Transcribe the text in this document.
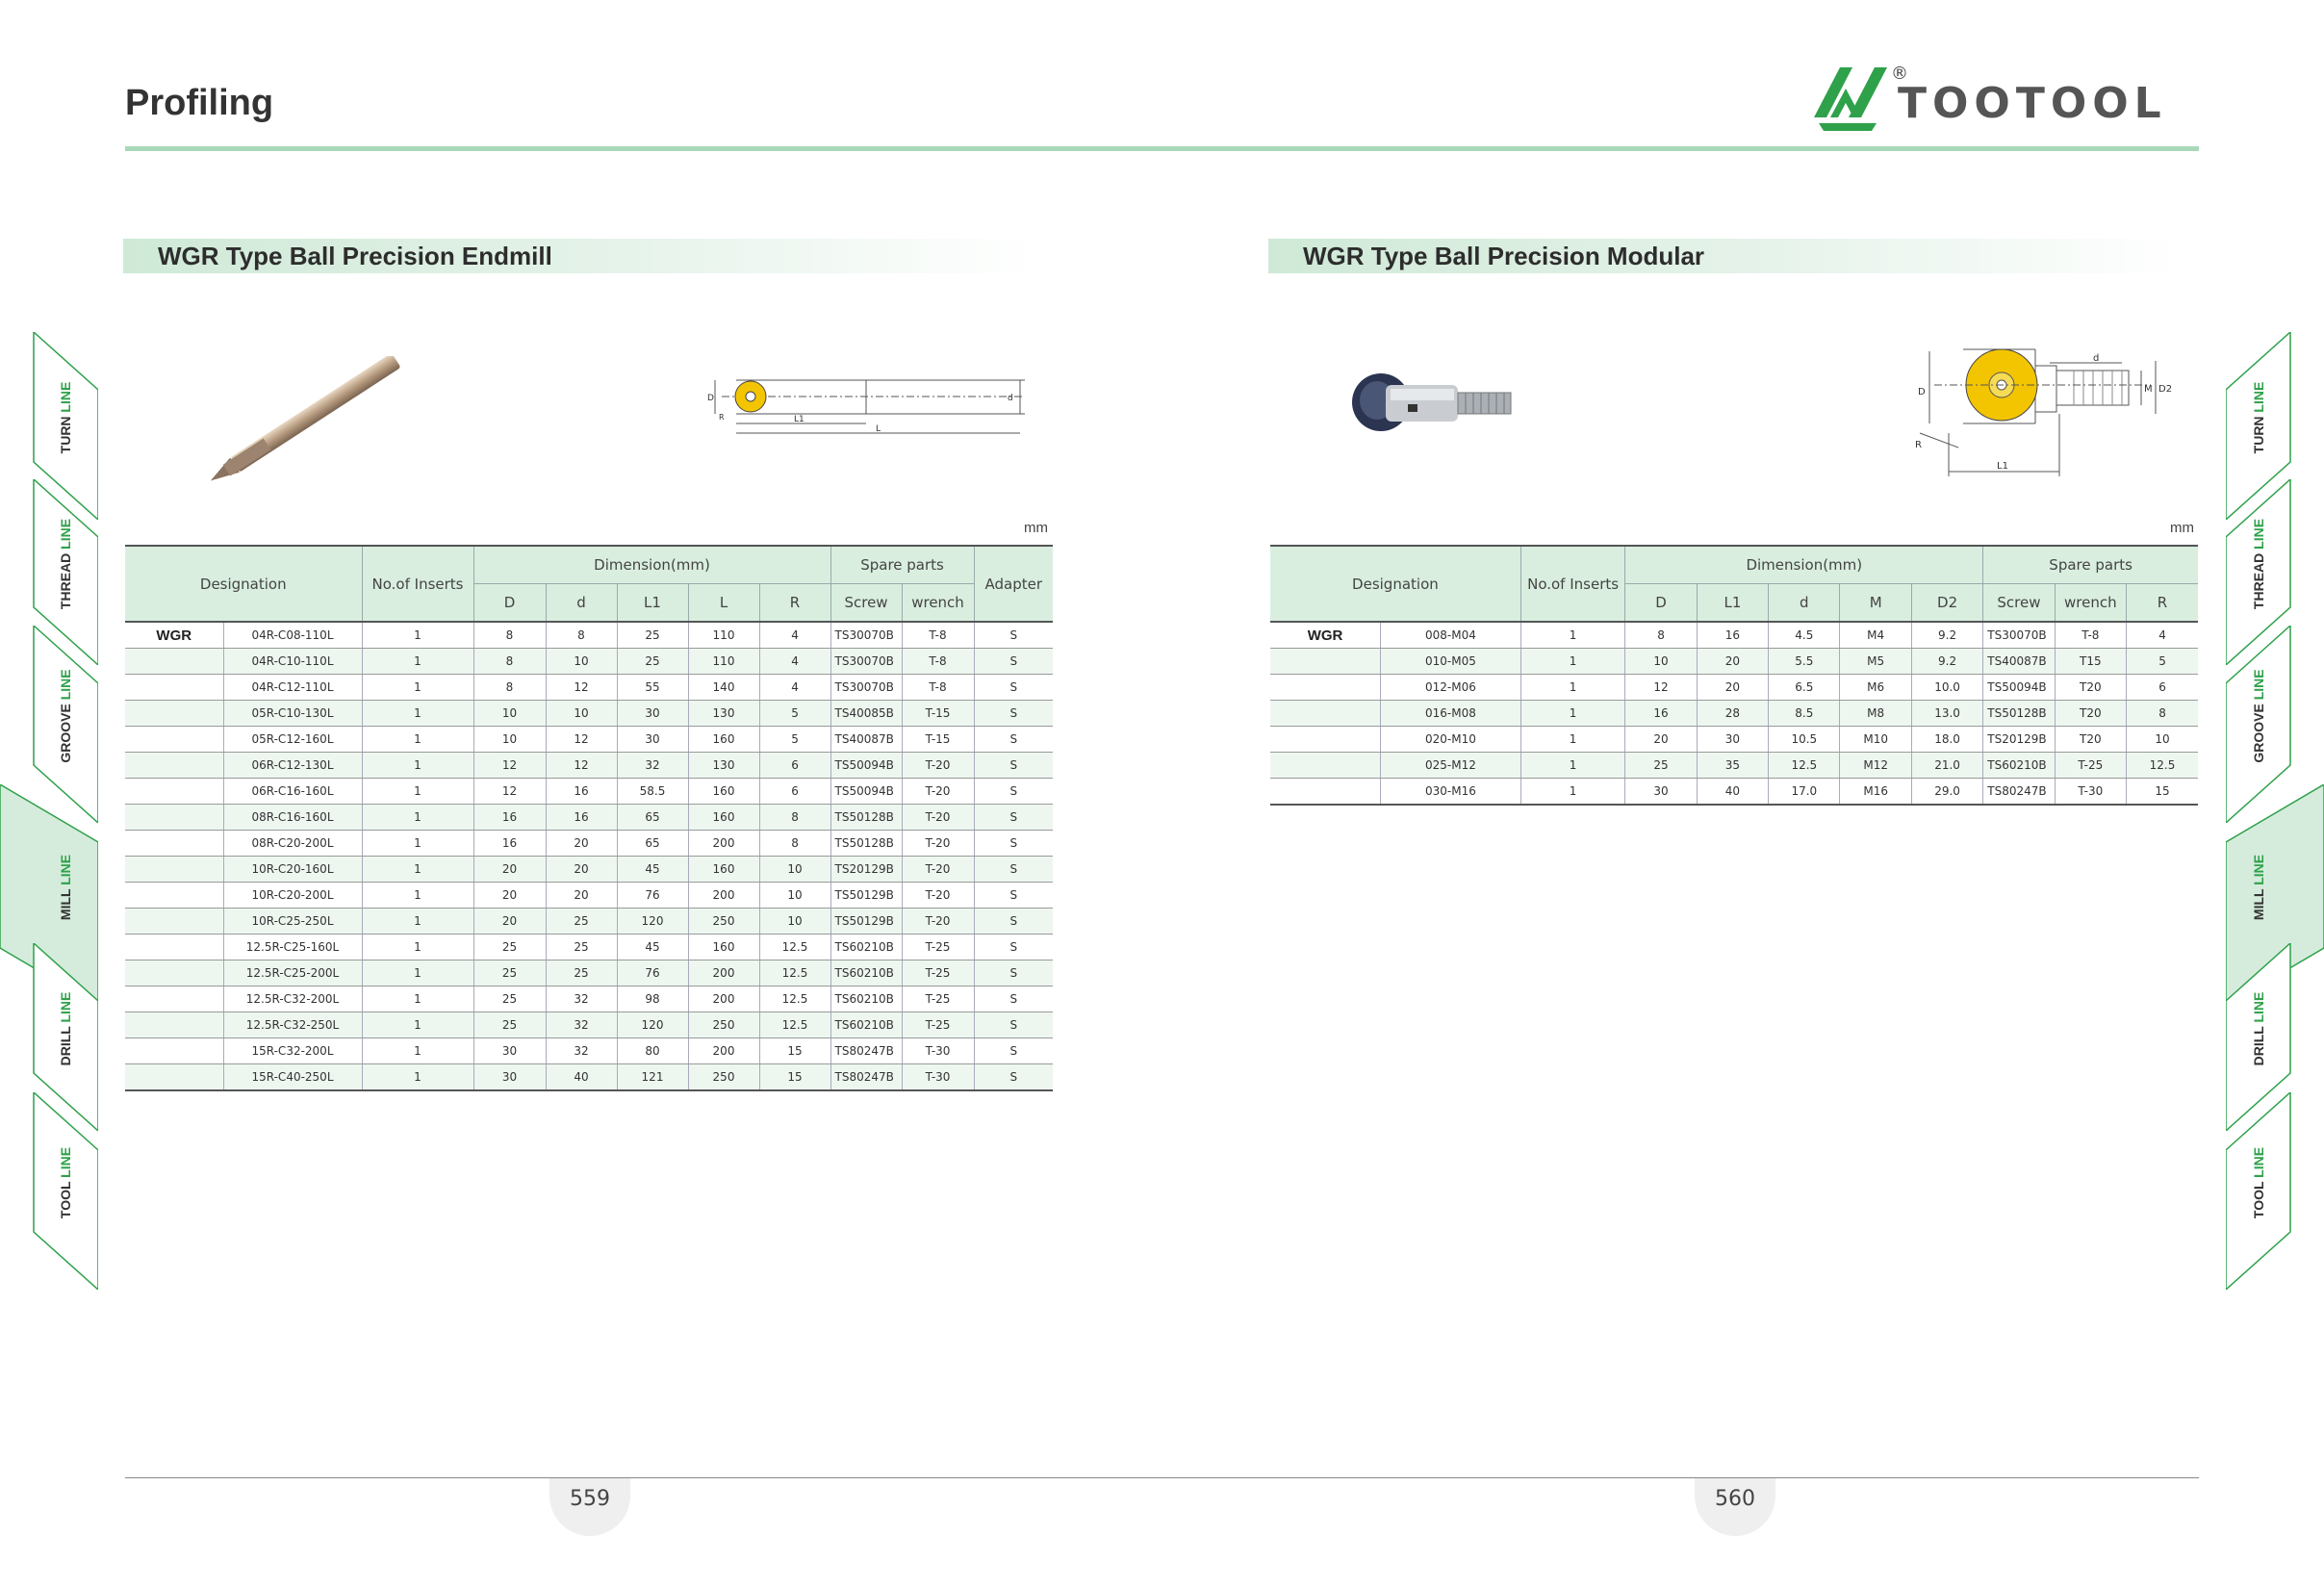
Profiling
®
TOOTOOL
WGR Type Ball Precision Endmill
D	d
L1
L
R
mm
Designation		No.of Inserts	Dimension(mm)					Spare parts		Adapter
			D	d	L1	L	R	Screw	wrench	
WGR	04R-C08-110L	1	8	8	25	110	4	TS30070B	T-8	S
	04R-C10-110L	1	8	10	25	110	4	TS30070B	T-8	S
	04R-C12-110L	1	8	12	55	140	4	TS30070B	T-8	S
	05R-C10-130L	1	10	10	30	130	5	TS40085B	T-15	S
	05R-C12-160L	1	10	12	30	160	5	TS40087B	T-15	S
	06R-C12-130L	1	12	12	32	130	6	TS50094B	T-20	S
	06R-C16-160L	1	12	16	58.5	160	6	TS50094B	T-20	S
	08R-C16-160L	1	16	16	65	160	8	TS50128B	T-20	S
	08R-C20-200L	1	16	20	65	200	8	TS50128B	T-20	S
	10R-C20-160L	1	20	20	45	160	10	TS20129B	T-20	S
	10R-C20-200L	1	20	20	76	200	10	TS50129B	T-20	S
	10R-C25-250L	1	20	25	120	250	10	TS50129B	T-20	S
	12.5R-C25-160L	1	25	25	45	160	12.5	TS60210B	T-25	S
	12.5R-C25-200L	1	25	25	76	200	12.5	TS60210B	T-25	S
	12.5R-C32-200L	1	25	32	98	200	12.5	TS60210B	T-25	S
	12.5R-C32-250L	1	25	32	120	250	12.5	TS60210B	T-25	S
	15R-C32-200L	1	30	32	80	200	15	TS80247B	T-30	S
	15R-C40-250L	1	30	40	121	250	15	TS80247B	T-30	S
WGR Type Ball Precision Modular
D
d
M D2
L1
R
mm
Designation		No.of Inserts	Dimension(mm)					Spare parts		
			D	L1	d	M	D2	Screw	wrench	R
WGR	008-M04	1	8	16	4.5	M4	9.2	TS30070B	T-8	4
	010-M05	1	10	20	5.5	M5	9.2	TS40087B	T15	5
	012-M06	1	12	20	6.5	M6	10.0	TS50094B	T20	6
	016-M08	1	16	28	8.5	M8	13.0	TS50128B	T20	8
	020-M10	1	20	30	10.5	M10	18.0	TS20129B	T20	10
	025-M12	1	25	35	12.5	M12	21.0	TS60210B	T-25	12.5
	030-M16	1	30	40	17.0	M16	29.0	TS80247B	T-30	15
TURN LINE
THREAD LINE
GROOVE LINE
MILL LINE
DRILL LINE
TOOL LINE
TURN LINE
THREAD LINE
GROOVE LINE
MILL LINE
DRILL LINE
TOOL LINE
559	560
